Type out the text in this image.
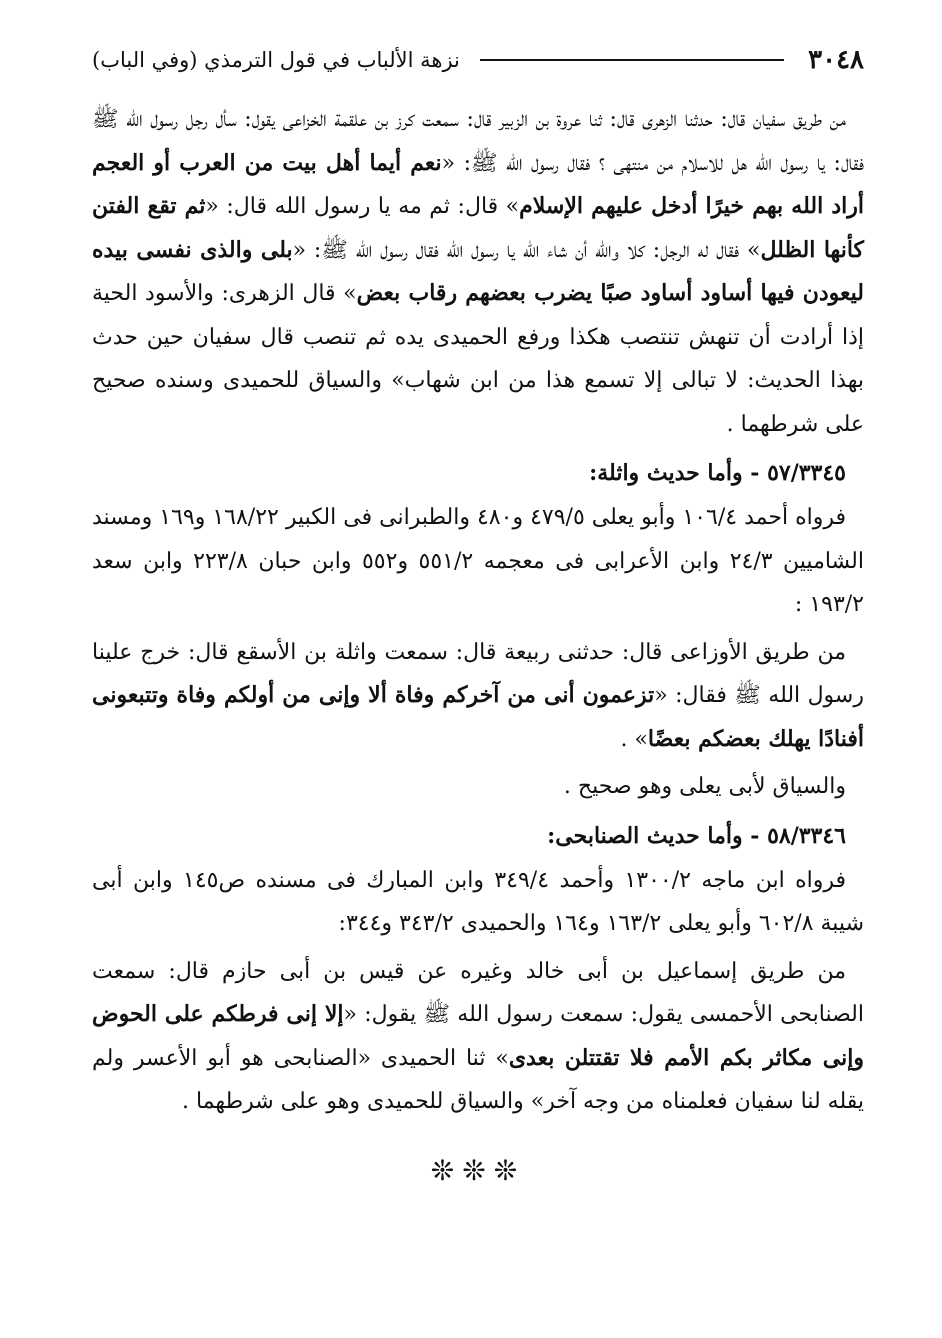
٣٠٤٨
نزهة الألباب في قول الترمذي (وفي الباب)

من طريق سفيان قال: حدثنا الزهرى قال: ثنا عروة بن الزبير قال: سمعت كرز بن علقمة الخزاعى يقول: سأل رجل رسول الله ﷺ فقال: يا رسول الله هل للاسلام من منتهى ؟ فقال رسول الله ﷺ: «نعم أيما أهل بيت من العرب أو العجم أراد الله بهم خيرًا أدخل عليهم الإسلام» قال: ثم مه يا رسول الله قال: «ثم تقع الفتن كأنها الظلل» فقال له الرجل: كلا والله أن شاء الله يا رسول الله فقال رسول الله ﷺ: «بلى والذى نفسى بيده ليعودن فيها أساود أساود صبًا يضرب بعضهم رقاب بعض» قال الزهرى: والأسود الحية إذا أرادت أن تنهش تنتصب هكذا ورفع الحميدى يده ثم تنصب قال سفيان حين حدث بهذا الحديث: لا تبالى إلا تسمع هذا من ابن شهاب» والسياق للحميدى وسنده صحيح على شرطهما .

٥٧/٣٣٤٥ - وأما حديث واثلة:

فرواه أحمد ١٠٦/٤ وأبو يعلى ٤٧٩/٥ و٤٨٠ والطبرانى فى الكبير ١٦٨/٢٢ و١٦٩ ومسند الشاميين ٢٤/٣ وابن الأعرابى فى معجمه ٥٥١/٢ و٥٥٢ وابن حبان ٢٢٣/٨ وابن سعد ١٩٣/٢ :

من طريق الأوزاعى قال: حدثنى ربيعة قال: سمعت واثلة بن الأسقع قال: خرج علينا رسول الله ﷺ فقال: «تزعمون أنى من آخركم وفاة ألا وإنى من أولكم وفاة وتتبعونى أفنادًا يهلك بعضكم بعضًا» .

والسياق لأبى يعلى وهو صحيح .

٥٨/٣٣٤٦ - وأما حديث الصنابحى:

فرواه ابن ماجه ١٣٠٠/٢ وأحمد ٣٤٩/٤ وابن المبارك فى مسنده ص١٤٥ وابن أبى شيبة ٦٠٢/٨ وأبو يعلى ١٦٣/٢ و١٦٤ والحميدى ٣٤٣/٢ و٣٤٤:

من طريق إسماعيل بن أبى خالد وغيره عن قيس بن أبى حازم قال: سمعت الصنابحى الأحمسى يقول: سمعت رسول الله ﷺ يقول: «إلا إنى فرطكم على الحوض وإنى مكاثر بكم الأمم فلا تقتتلن بعدى» ثنا الحميدى «الصنابحى هو أبو الأعسر ولم يقله لنا سفيان فعلمناه من وجه آخر» والسياق للحميدى وهو على شرطهما .

❊❊❊
